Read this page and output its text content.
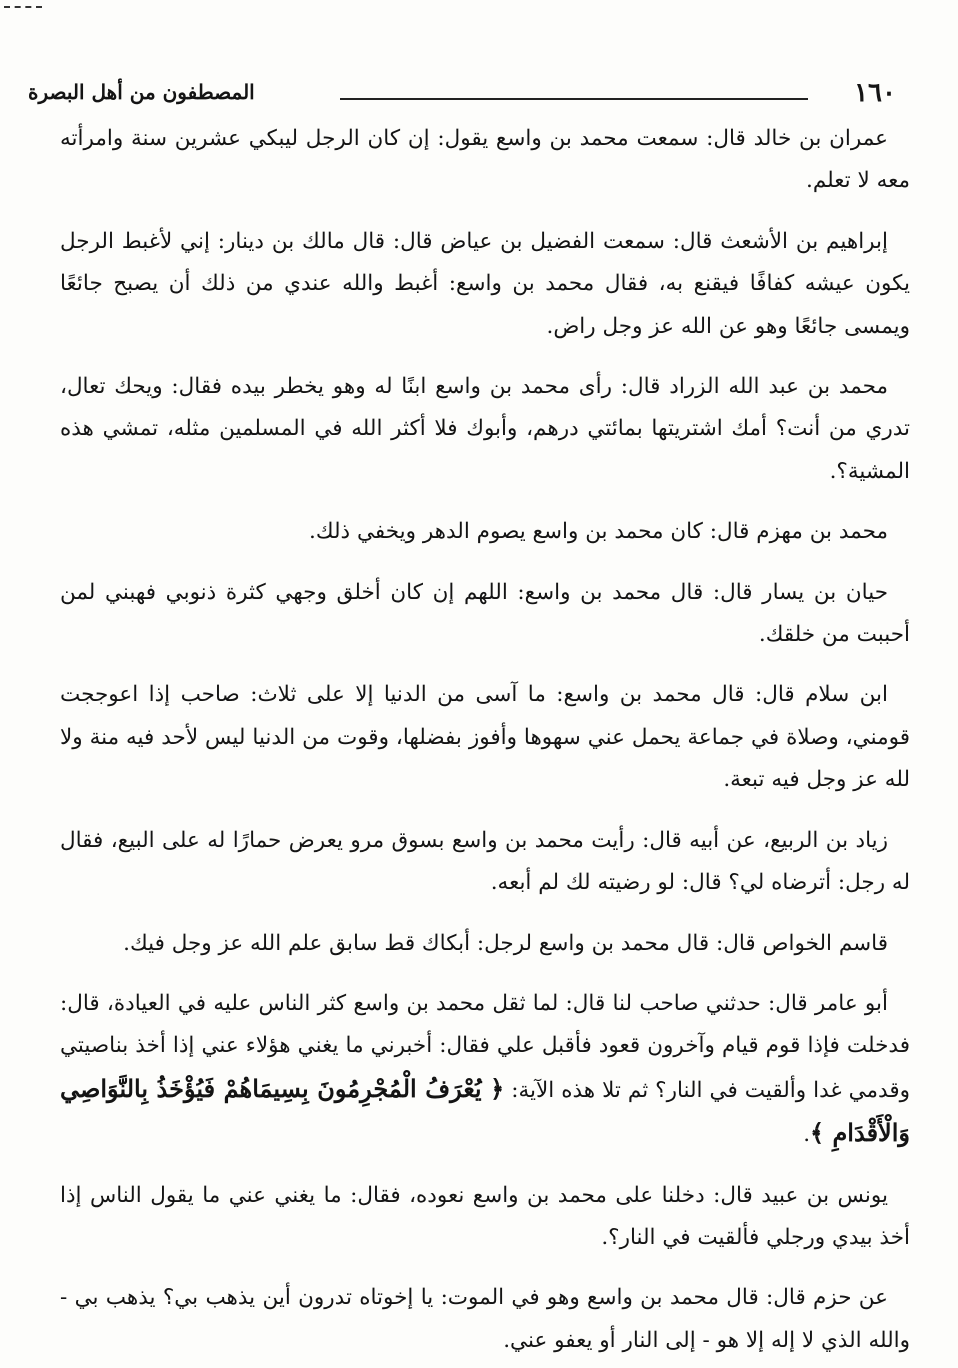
١٦٠
المصطفون من أهل البصرة

عمران بن خالد قال: سمعت محمد بن واسع يقول: إن كان الرجل ليبكي عشرين سنة وامرأته معه لا تعلم.

إبراهيم بن الأشعث قال: سمعت الفضيل بن عياض قال: قال مالك بن دينار: إني لأغبط الرجل يكون عيشه كفافًا فيقنع به، فقال محمد بن واسع: أغبط والله عندي من ذلك أن يصبح جائعًا ويمسى جائعًا وهو عن الله عز وجل راض.

محمد بن عبد الله الزراد قال: رأى محمد بن واسع ابنًا له وهو يخطر بيده فقال: ويحك تعال، تدري من أنت؟ أمك اشتريتها بمائتي درهم، وأبوك فلا أكثر الله في المسلمين مثله، تمشي هذه المشية؟.

محمد بن مهزم قال: كان محمد بن واسع يصوم الدهر ويخفي ذلك.

حيان بن يسار قال: قال محمد بن واسع: اللهم إن كان أخلق وجهي كثرة ذنوبي فهبني لمن أحببت من خلقك.

ابن سلام قال: قال محمد بن واسع: ما آسى من الدنيا إلا على ثلاث: صاحب إذا اعوججت قومني، وصلاة في جماعة يحمل عني سهوها وأفوز بفضلها، وقوت من الدنيا ليس لأحد فيه منة ولا لله عز وجل فيه تبعة.

زياد بن الربيع، عن أبيه قال: رأيت محمد بن واسع بسوق مرو يعرض حمارًا له على البيع، فقال له رجل: أترضاه لي؟ قال: لو رضيته لك لم أبعه.

قاسم الخواص قال: قال محمد بن واسع لرجل: أبكاك قط سابق علم الله عز وجل فيك.

أبو عامر قال: حدثني صاحب لنا قال: لما ثقل محمد بن واسع كثر الناس عليه في العيادة، قال: فدخلت فإذا قوم قيام وآخرون قعود فأقبل علي فقال: أخبرني ما يغني هؤلاء عني إذا أخذ بناصيتي وقدمي غدا وألقيت في النار؟ ثم تلا هذه الآية: ﴿ يُعْرَفُ الْمُجْرِمُونَ بِسِيمَاهُمْ فَيُؤْخَذُ بِالنَّوَاصِي وَالْأَقْدَامِ ﴾.

يونس بن عبيد قال: دخلنا على محمد بن واسع نعوده، فقال: ما يغني عني ما يقول الناس إذا أخذ بيدي ورجلي فألقيت في النار؟.

عن حزم قال: قال محمد بن واسع وهو في الموت: يا إخوتاه تدرون أين يذهب بي؟ يذهب بي - والله الذي لا إله إلا هو - إلى النار أو يعفو عني.
